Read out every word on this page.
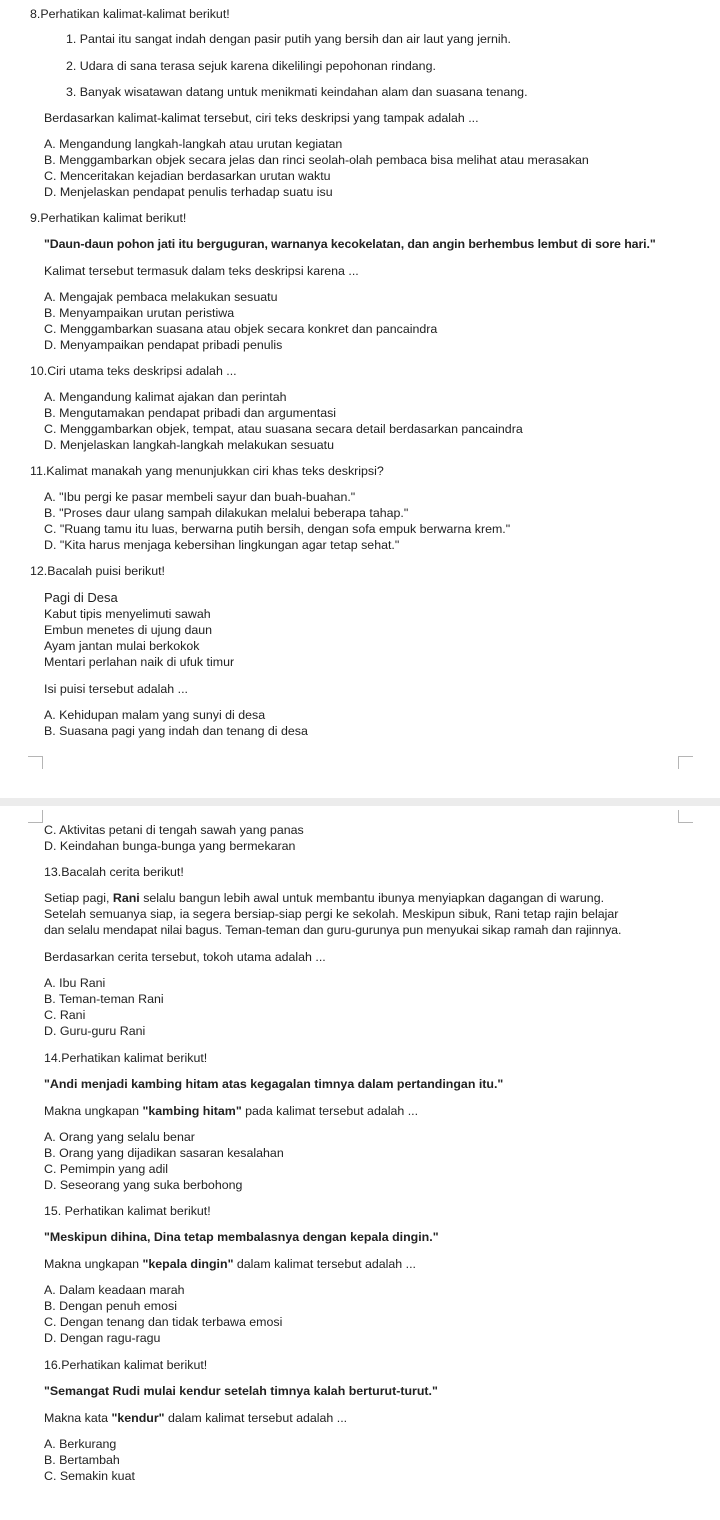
8.Perhatikan kalimat-kalimat berikut!
1. Pantai itu sangat indah dengan pasir putih yang bersih dan air laut yang jernih.
2. Udara di sana terasa sejuk karena dikelilingi pepohonan rindang.
3. Banyak wisatawan datang untuk menikmati keindahan alam dan suasana tenang.
Berdasarkan kalimat-kalimat tersebut, ciri teks deskripsi yang tampak adalah ...
A. Mengandung langkah-langkah atau urutan kegiatan
B. Menggambarkan objek secara jelas dan rinci seolah-olah pembaca bisa melihat atau merasakan
C. Menceritakan kejadian berdasarkan urutan waktu
D. Menjelaskan pendapat penulis terhadap suatu isu
9.Perhatikan kalimat berikut!
"Daun-daun pohon jati itu berguguran, warnanya kecokelatan, dan angin berhembus lembut di sore hari."
Kalimat tersebut termasuk dalam teks deskripsi karena ...
A. Mengajak pembaca melakukan sesuatu
B. Menyampaikan urutan peristiwa
C. Menggambarkan suasana atau objek secara konkret dan pancaindra
D. Menyampaikan pendapat pribadi penulis
10.Ciri utama teks deskripsi adalah ...
A. Mengandung kalimat ajakan dan perintah
B. Mengutamakan pendapat pribadi dan argumentasi
C. Menggambarkan objek, tempat, atau suasana secara detail berdasarkan pancaindra
D. Menjelaskan langkah-langkah melakukan sesuatu
11.Kalimat manakah yang menunjukkan ciri khas teks deskripsi?
A. "Ibu pergi ke pasar membeli sayur dan buah-buahan."
B. "Proses daur ulang sampah dilakukan melalui beberapa tahap."
C. "Ruang tamu itu luas, berwarna putih bersih, dengan sofa empuk berwarna krem."
D. "Kita harus menjaga kebersihan lingkungan agar tetap sehat."
12.Bacalah puisi berikut!
Pagi di Desa
Kabut tipis menyelimuti sawah
Embun menetes di ujung daun
Ayam jantan mulai berkokok
Mentari perlahan naik di ufuk timur
Isi puisi tersebut adalah ...
A. Kehidupan malam yang sunyi di desa
B. Suasana pagi yang indah dan tenang di desa
C. Aktivitas petani di tengah sawah yang panas
D. Keindahan bunga-bunga yang bermekaran
13.Bacalah cerita berikut!
Setiap pagi, Rani selalu bangun lebih awal untuk membantu ibunya menyiapkan dagangan di warung.
Setelah semuanya siap, ia segera bersiap-siap pergi ke sekolah. Meskipun sibuk, Rani tetap rajin belajar
dan selalu mendapat nilai bagus. Teman-teman dan guru-gurunya pun menyukai sikap ramah dan rajinnya.
Berdasarkan cerita tersebut, tokoh utama adalah ...
A. Ibu Rani
B. Teman-teman Rani
C. Rani
D. Guru-guru Rani
14.Perhatikan kalimat berikut!
"Andi menjadi kambing hitam atas kegagalan timnya dalam pertandingan itu."
Makna ungkapan "kambing hitam" pada kalimat tersebut adalah ...
A. Orang yang selalu benar
B. Orang yang dijadikan sasaran kesalahan
C. Pemimpin yang adil
D. Seseorang yang suka berbohong
15. Perhatikan kalimat berikut!
"Meskipun dihina, Dina tetap membalasnya dengan kepala dingin."
Makna ungkapan "kepala dingin" dalam kalimat tersebut adalah ...
A. Dalam keadaan marah
B. Dengan penuh emosi
C. Dengan tenang dan tidak terbawa emosi
D. Dengan ragu-ragu
16.Perhatikan kalimat berikut!
"Semangat Rudi mulai kendur setelah timnya kalah berturut-turut."
Makna kata "kendur" dalam kalimat tersebut adalah ...
A. Berkurang
B. Bertambah
C. Semakin kuat
